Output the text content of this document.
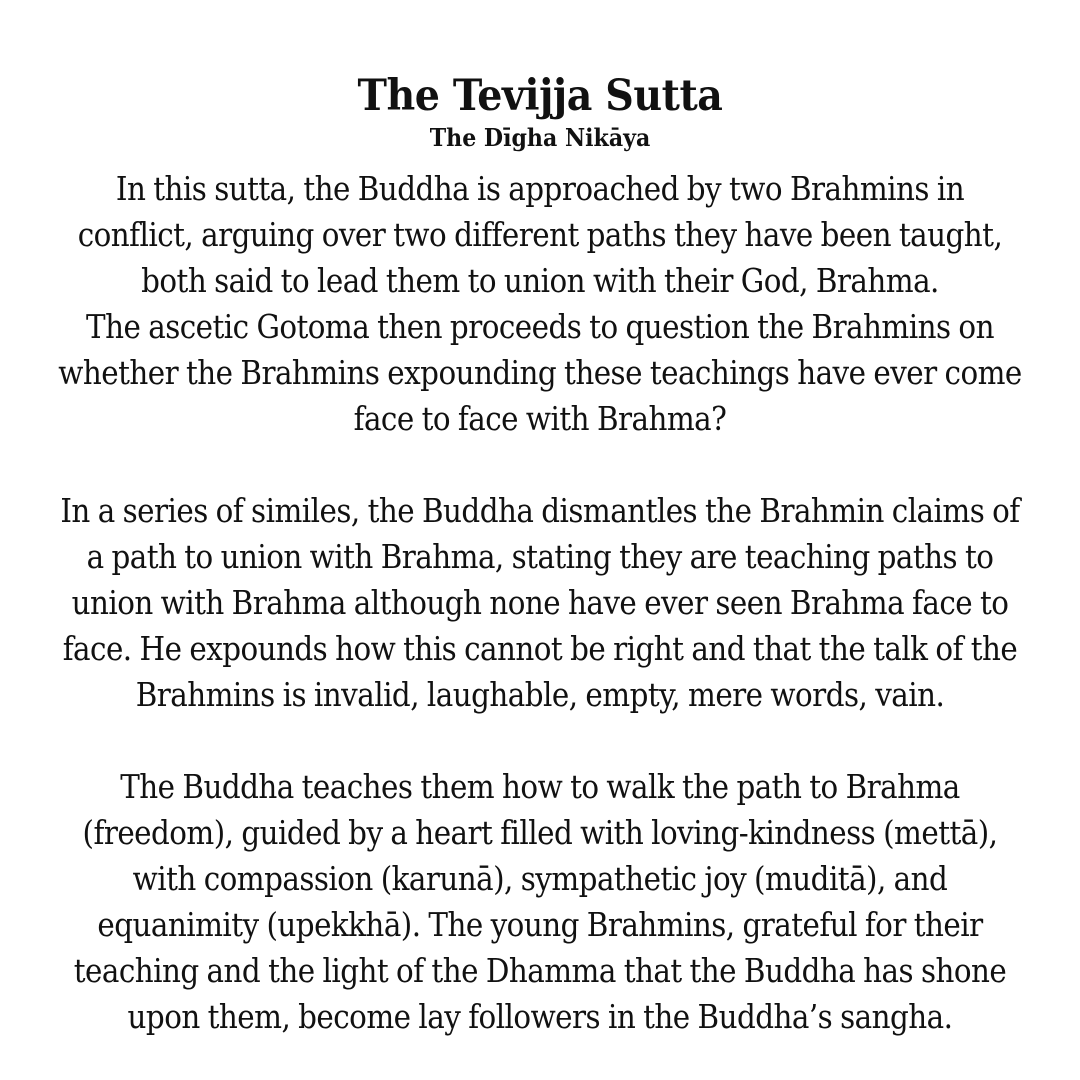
The Tevijja Sutta
The Dīgha Nikāya

In this sutta, the Buddha is approached by two Brahmins in
conflict, arguing over two different paths they have been taught,
both said to lead them to union with their God, Brahma.
The ascetic Gotoma then proceeds to question the Brahmins on
whether the Brahmins expounding these teachings have ever come
face to face with Brahma?

In a series of similes, the Buddha dismantles the Brahmin claims of
a path to union with Brahma, stating they are teaching paths to
union with Brahma although none have ever seen Brahma face to
face. He expounds how this cannot be right and that the talk of the
Brahmins is invalid, laughable, empty, mere words, vain.

The Buddha teaches them how to walk the path to Brahma
(freedom), guided by a heart filled with loving-kindness (mettā),
with compassion (karunā), sympathetic joy (muditā), and
equanimity (upekkhā). The young Brahmins, grateful for their
teaching and the light of the Dhamma that the Buddha has shone
upon them, become lay followers in the Buddha’s sangha.
